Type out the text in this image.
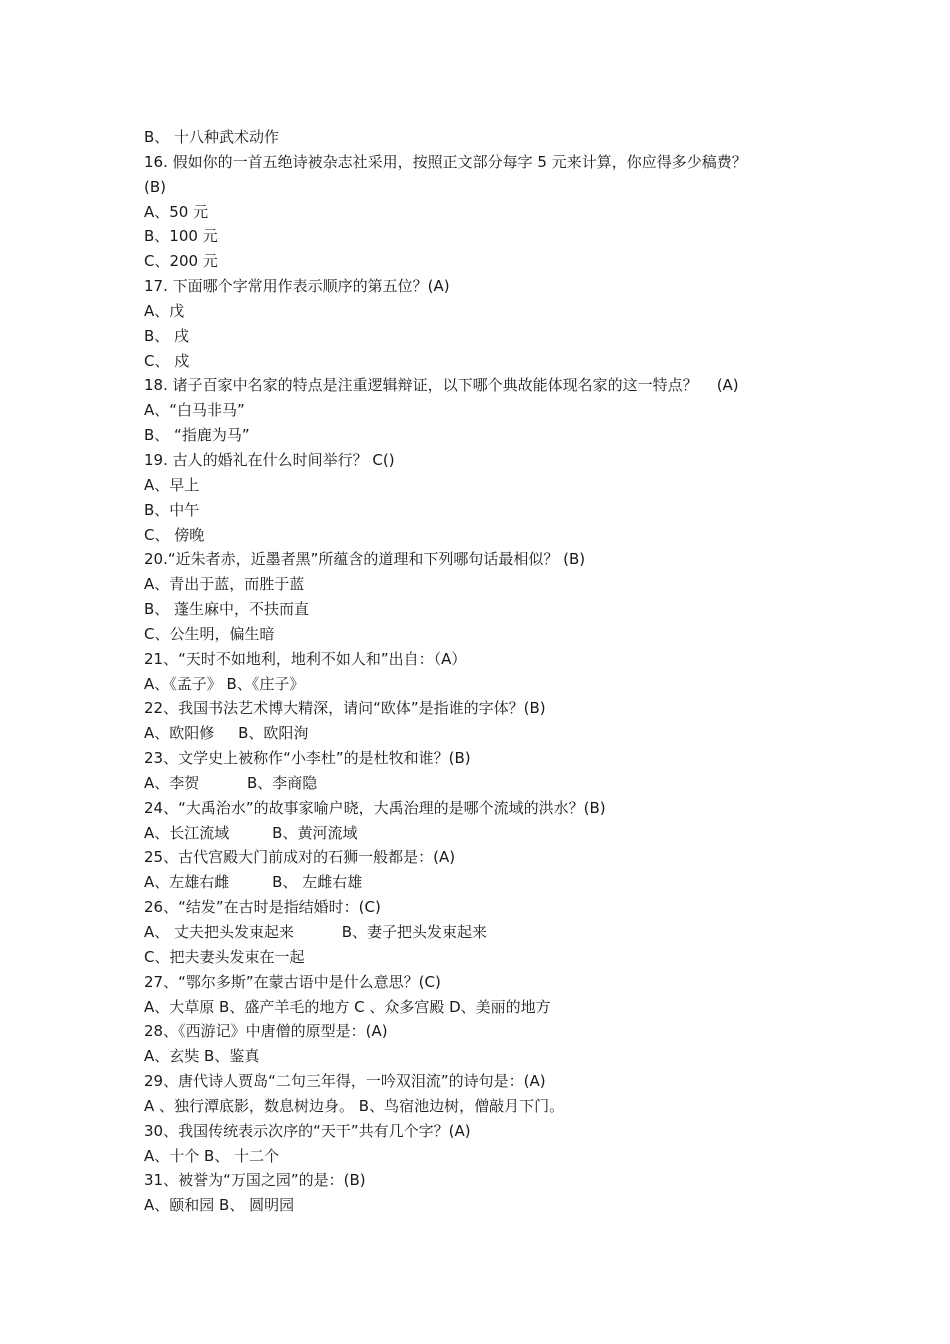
B、 十八种武术动作

16. 假如你的一首五绝诗被杂志社采用，按照正文部分每字 5 元来计算，你应得多少稿费？

(B)

A、50 元

B、100 元

C、200 元

17. 下面哪个字常用作表示顺序的第五位？(A)

A、戊

B、 戌

C、 戍

18. 诸子百家中名家的特点是注重逻辑辩证，以下哪个典故能体现名家的这一特点？    (A)

A、“白马非马”

B、 “指鹿为马”

19. 古人的婚礼在什么时间举行？ C()

A、早上

B、中午

C、 傍晚

20.“近朱者赤，近墨者黑”所蕴含的道理和下列哪句话最相似？ (B)

A、青出于蓝，而胜于蓝

B、 蓬生麻中，不扶而直

C、公生明，偏生暗

21、“天时不如地利，地利不如人和”出自：（A）

A、《孟子》 B、《庄子》

22、我国书法艺术博大精深，请问“欧体”是指谁的字体？(B)

A、欧阳修     B、欧阳洵

23、文学史上被称作“小李杜”的是杜牧和谁？(B)

A、李贺          B、李商隐

24、“大禹治水”的故事家喻户晓，大禹治理的是哪个流域的洪水？(B)

A、长江流域         B、黄河流域

25、古代宫殿大门前成对的石狮一般都是：(A)

A、左雄右雌         B、 左雌右雄

26、“结发”在古时是指结婚时：(C)

A、 丈夫把头发束起来          B、妻子把头发束起来

C、把夫妻头发束在一起

27、“鄂尔多斯”在蒙古语中是什么意思？(C)

A、大草原 B、盛产羊毛的地方 C 、众多宫殿 D、美丽的地方

28、《西游记》中唐僧的原型是：(A)

A、玄奘 B、鉴真

29、唐代诗人贾岛“二句三年得，一吟双泪流”的诗句是：(A)

A 、独行潭底影，数息树边身。 B、鸟宿池边树，僧敲月下门。

30、我国传统表示次序的“天干”共有几个字？(A)

A、十个 B、 十二个

31、被誉为“万国之园”的是：(B)

A、颐和园 B、 圆明园
